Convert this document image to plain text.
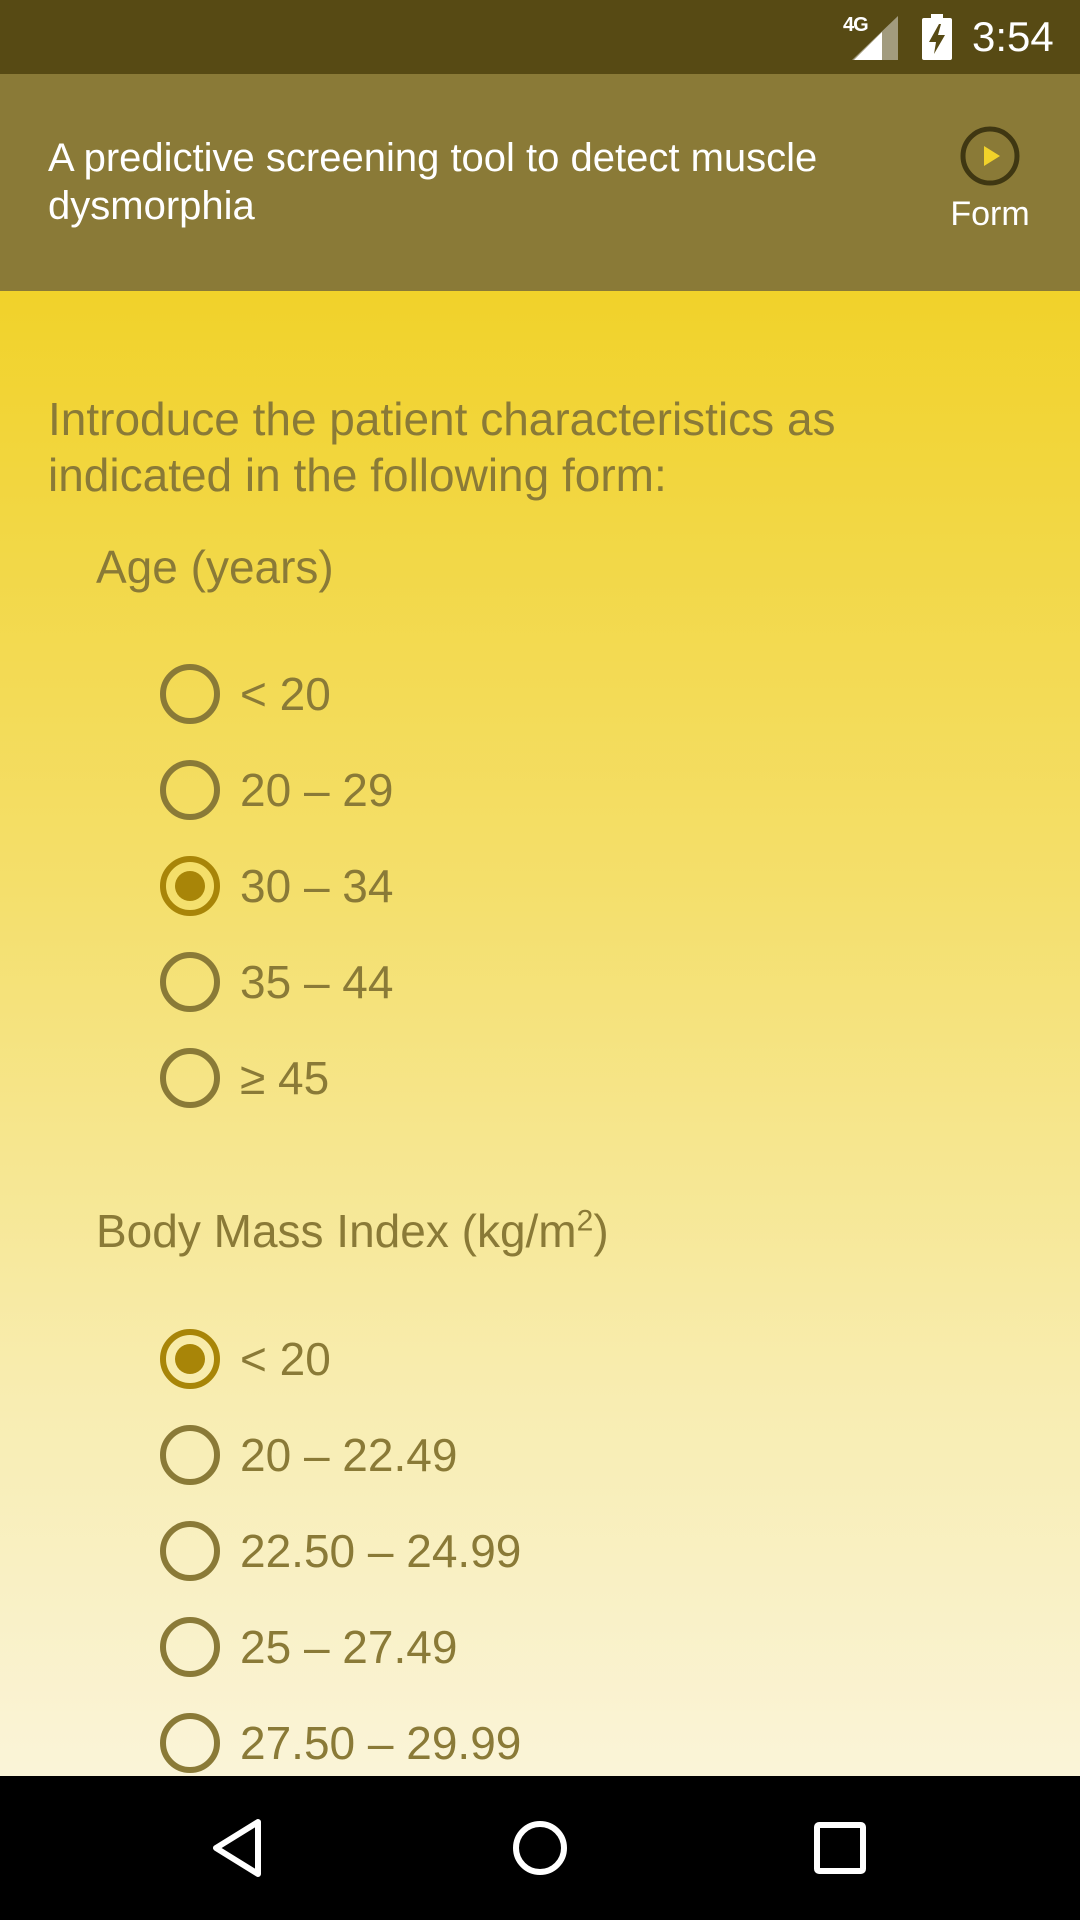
4G 3:54
A predictive screening tool to detect muscle dysmorphia	Form

Introduce the patient characteristics as indicated in the following form:

Age (years)

< 20
20 – 29
30 – 34
35 – 44
≥ 45

Body Mass Index $(kg/m^2)$

< 20
20 – 22.49
22.50 – 24.99
25 – 27.49
27.50 – 29.99
